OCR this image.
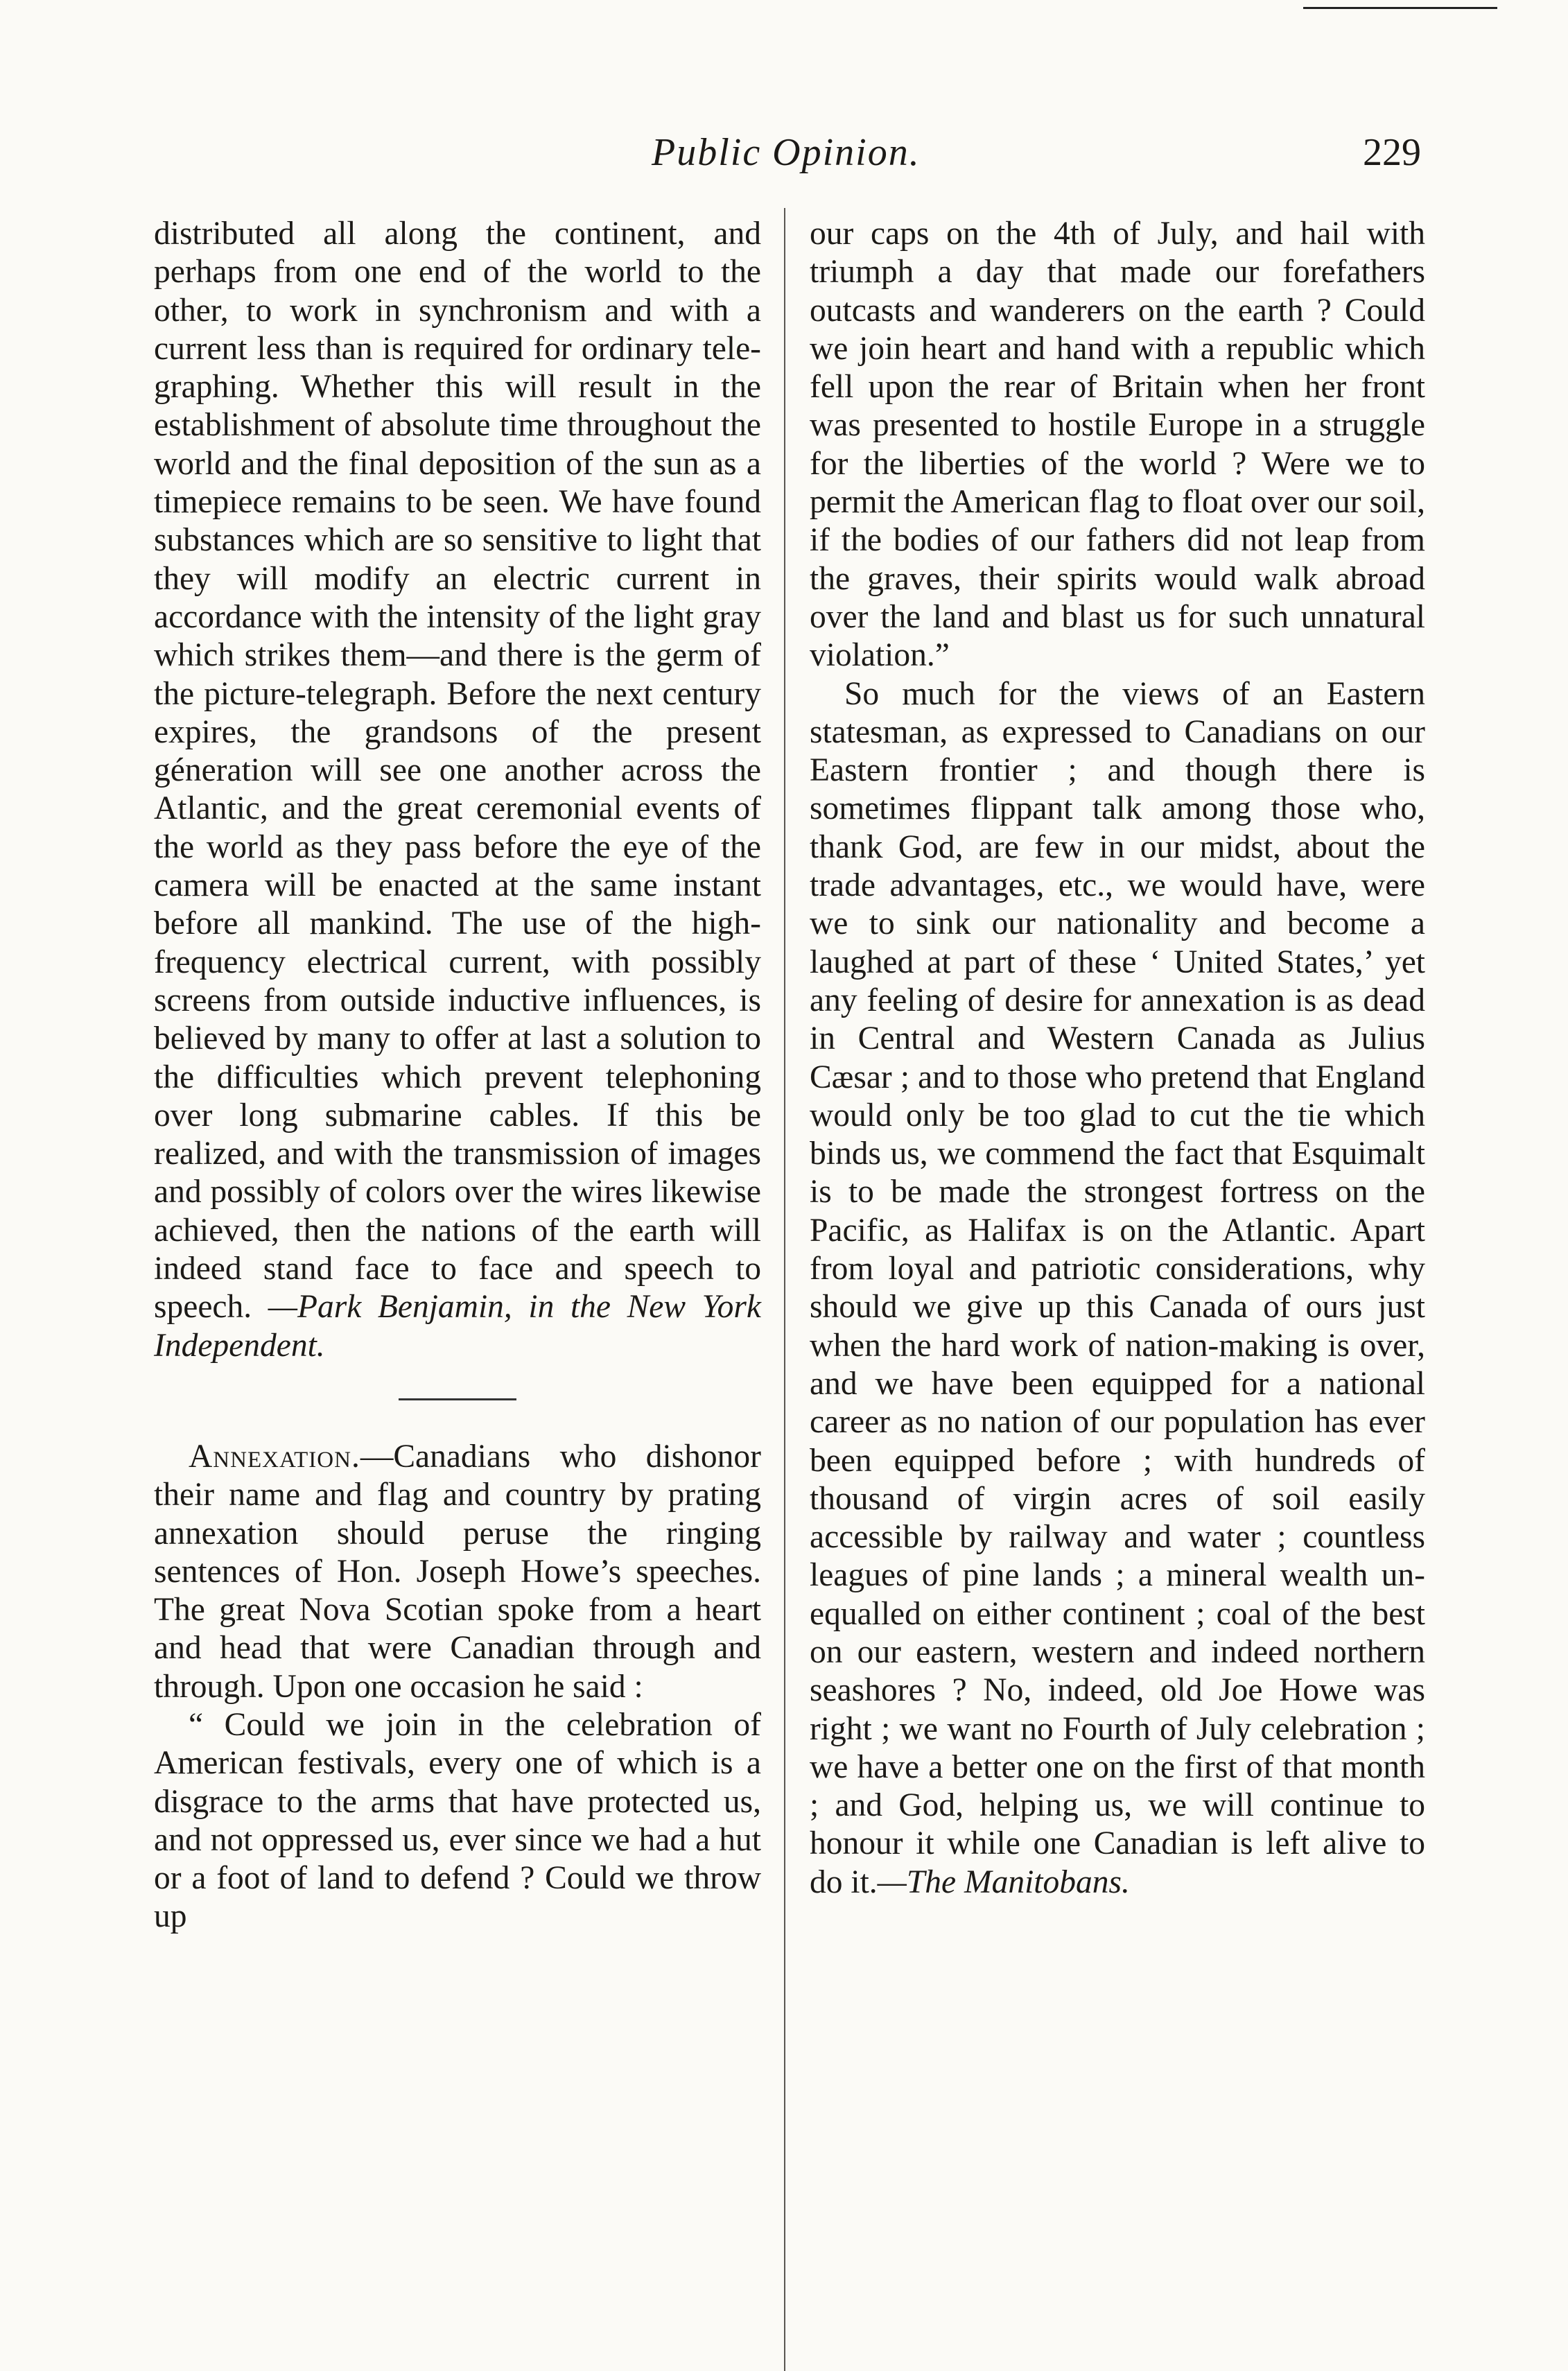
Public Opinion.	229

distributed all along the continent, and perhaps from one end of the world to the other, to work in synchronism and with a current less than is required for ordinary telegraphing. Whether this will result in the establishment of absolute time throughout the world and the final deposition of the sun as a timepiece remains to be seen. We have found substances which are so sensitive to light that they will modify an electric current in accordance with the intensity of the light gray which strikes them—and there is the germ of the picture-telegraph. Before the next century expires, the grandsons of the present géneration will see one another across the Atlantic, and the great ceremonial events of the world as they pass before the eye of the camera will be enacted at the same instant before all mankind. The use of the high-frequency electrical current, with possibly screens from outside inductive influences, is believed by many to offer at last a solution to the difficulties which prevent telephoning over long submarine cables. If this be realized, and with the transmission of images and possibly of colors over the wires likewise achieved, then the nations of the earth will indeed stand face to face and speech to speech. —Park Benjamin, in the New York Independent.

Annexation.—Canadians who dishonor their name and flag and country by prating annexation should peruse the ringing sentences of Hon. Joseph Howe’s speeches. The great Nova Scotian spoke from a heart and head that were Canadian through and through. Upon one occasion he said :

“ Could we join in the celebration of American festivals, every one of which is a disgrace to the arms that have protected us, and not oppressed us, ever since we had a hut or a foot of land to defend ? Could we throw up

our caps on the 4th of July, and hail with triumph a day that made our forefathers outcasts and wanderers on the earth ? Could we join heart and hand with a republic which fell upon the rear of Britain when her front was presented to hostile Europe in a struggle for the liberties of the world ? Were we to permit the American flag to float over our soil, if the bodies of our fathers did not leap from the graves, their spirits would walk abroad over the land and blast us for such unnatural violation.”

So much for the views of an Eastern statesman, as expressed to Canadians on our Eastern frontier ; and though there is sometimes flippant talk among those who, thank God, are few in our midst, about the trade advantages, etc., we would have, were we to sink our nationality and become a laughed at part of these ‘ United States,’ yet any feeling of desire for annexation is as dead in Central and Western Canada as Julius Cæsar ; and to those who pretend that England would only be too glad to cut the tie which binds us, we commend the fact that Esquimalt is to be made the strongest fortress on the Pacific, as Halifax is on the Atlantic. Apart from loyal and patriotic considerations, why should we give up this Canada of ours just when the hard work of nation-making is over, and we have been equipped for a national career as no nation of our population has ever been equipped before ; with hundreds of thousand of virgin acres of soil easily accessible by railway and water ; countless leagues of pine lands ; a mineral wealth unequalled on either continent ; coal of the best on our eastern, western and indeed northern seashores ? No, indeed, old Joe Howe was right ; we want no Fourth of July celebration ; we have a better one on the first of that month ; and God, helping us, we will continue to honour it while one Canadian is left alive to do it.—The Manitobans.
